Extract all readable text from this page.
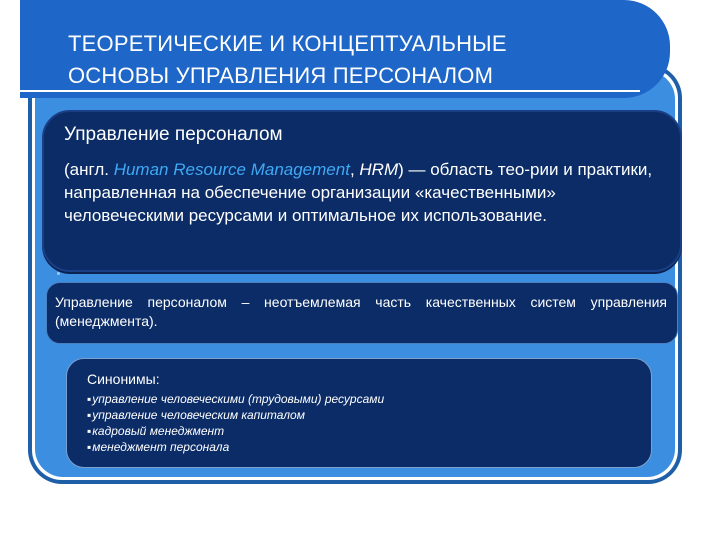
ТЕОРЕТИЧЕСКИЕ И КОНЦЕПТУАЛЬНЫЕ
ОСНОВЫ УПРАВЛЕНИЯ ПЕРСОНАЛОМ
Управление персоналом
(англ. Human Resource Management, HRM) — область тео-рии и практики, направленная на обеспечение организации «качественными» человеческими ресурсами и оптимальное их использование.
Управление персоналом – неотъемлемая часть качественных систем управления (менеджмента).
Синонимы:
▪ управление человеческими (трудовыми) ресурсами
▪ управление человеческим капиталом
▪ кадровый менеджмент
▪ менеджмент персонала
